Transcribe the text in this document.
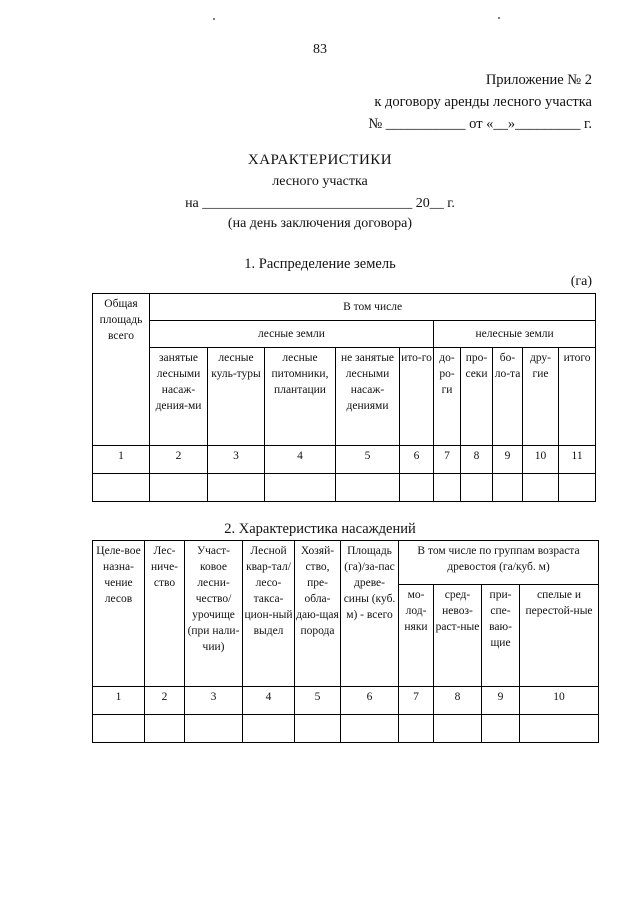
83
Приложение № 2
к договору аренды лесного участка
№ ___________ от «__»_________ г.
ХАРАКТЕРИСТИКИ
лесного участка
на ______________________________ 20__ г.
(на день заключения договора)
1. Распределение земель
(га)
Общая площадь всего	В том числе									
	лесные земли					нелесные земли				
	занятые лесными насаж-дения-ми	лесные куль-туры	лесные питомники, плантации	не занятые лесными насаж-дениями	ито-го	до-ро-ги	про-секи	бо-ло-та	дру-гие	итого
1	2	3	4	5	6	7	8	9	10	11

2. Характеристика насаждений
Целе-вое назна-чение лесов	Лес-ниче-ство	Участ-ковое лесни-чество/ урочище (при нали-чии)	Лесной квар-тал/ лесо-такса-цион-ный выдел	Хозяй-ство, пре-обла-даю-щая порода	Площадь (га)/за-пас древе-сины (куб. м) - всего	В том числе по группам возраста древостоя (га/куб. м)			
						мо-лод-няки	сред-невоз-раст-ные	при-спе-ваю-щие	спелые и перестой-ные
1	2	3	4	5	6	7	8	9	10
